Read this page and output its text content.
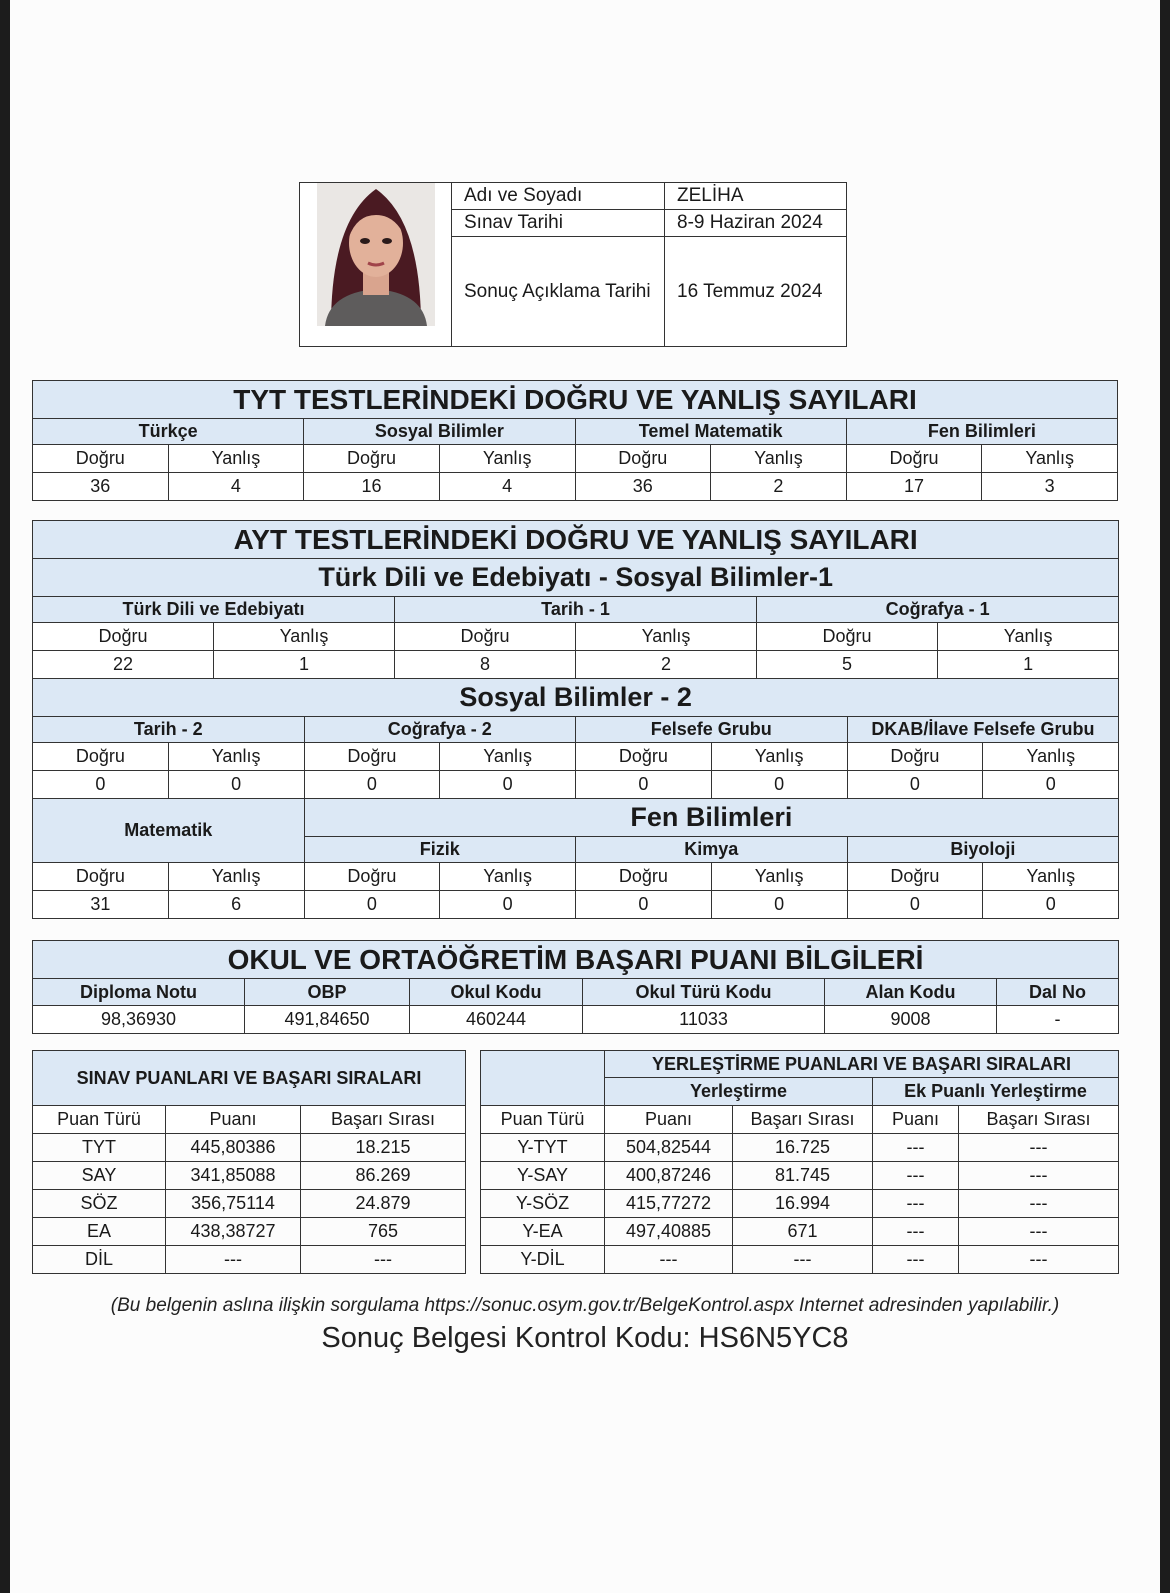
	Adı ve Soyadı	ZELİHA
	Sınav Tarihi	8-9 Haziran 2024
	Sonuç Açıklama Tarihi	16 Temmuz 2024
TYT TESTLERİNDEKİ DOĞRU VE YANLIŞ SAYILARI							
Türkçe		Sosyal Bilimler		Temel Matematik		Fen Bilimleri	
Doğru	Yanlış	Doğru	Yanlış	Doğru	Yanlış	Doğru	Yanlış
36	4	16	4	36	2	17	3
AYT TESTLERİNDEKİ DOĞRU VE YANLIŞ SAYILARI											
Türk Dili ve Edebiyatı - Sosyal Bilimler-1											
Türk Dili ve Edebiyatı				Tarih - 1				Coğrafya - 1			
Doğru		Yanlış		Doğru		Yanlış		Doğru		Yanlış	
22		1		8		2		5		1	
Sosyal Bilimler - 2											
Tarih - 2			Coğrafya - 2			Felsefe Grubu			DKAB/İlave Felsefe Grubu		
Doğru	Yanlış		Doğru		Yanlış	Doğru	Yanlış		Doğru		Yanlış
0	0		0		0	0	0		0		0
Matematik			Fen Bilimleri								
			Fizik			Kimya			Biyoloji		
Doğru	Yanlış		Doğru		Yanlış	Doğru	Yanlış		Doğru		Yanlış
31	6		0		0	0	0		0		0
OKUL VE ORTAÖĞRETİM BAŞARI PUANI BİLGİLERİ					
Diploma Notu	OBP	Okul Kodu	Okul Türü Kodu	Alan Kodu	Dal No
98,36930	491,84650	460244	11033	9008	-
SINAV PUANLARI VE BAŞARI SIRALARI		
Puan Türü	Puanı	Başarı Sırası
TYT	445,80386	18.215
SAY	341,85088	86.269
SÖZ	356,75114	24.879
EA	438,38727	765
DİL	---	---
	YERLEŞTİRME PUANLARI VE BAŞARI SIRALARI			
	Yerleştirme		Ek Puanlı Yerleştirme	
Puan Türü	Puanı	Başarı Sırası	Puanı	Başarı Sırası
Y-TYT	504,82544	16.725	---	---
Y-SAY	400,87246	81.745	---	---
Y-SÖZ	415,77272	16.994	---	---
Y-EA	497,40885	671	---	---
Y-DİL	---	---	---	---
(Bu belgenin aslına ilişkin sorgulama https://sonuc.osym.gov.tr/BelgeKontrol.aspx Internet adresinden yapılabilir.)
Sonuç Belgesi Kontrol Kodu: HS6N5YC8
